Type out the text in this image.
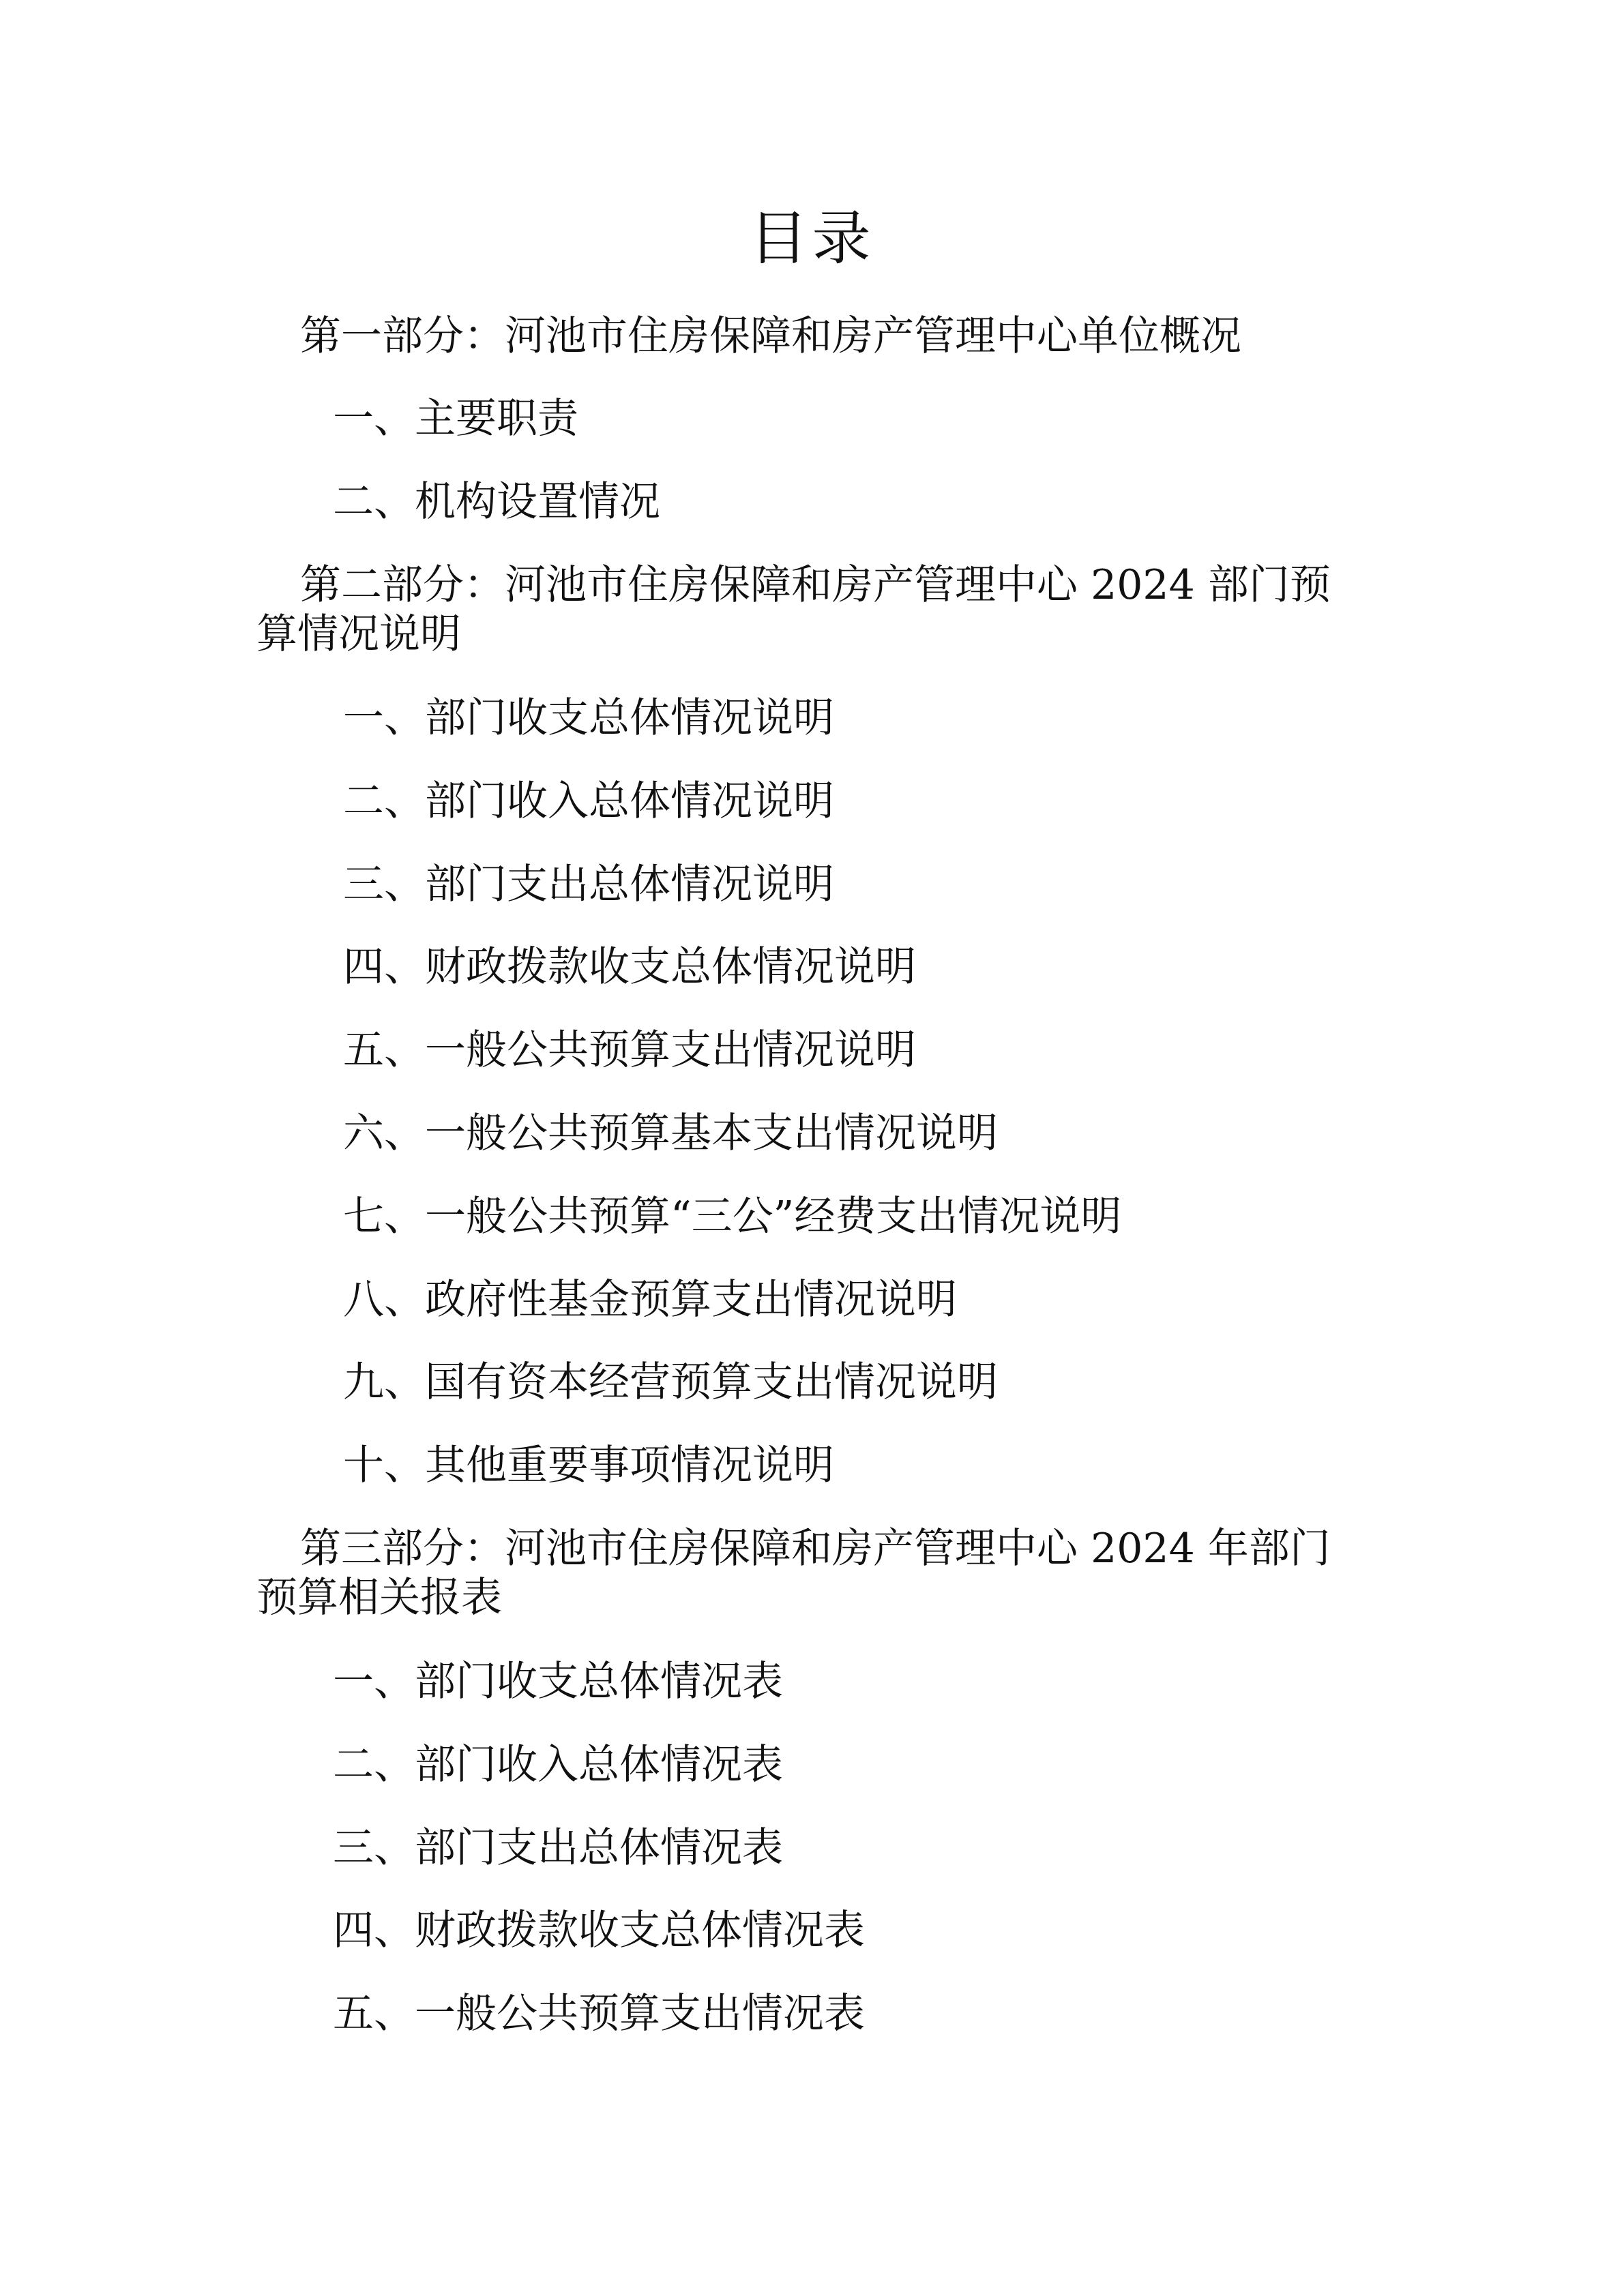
目录
第一部分：河池市住房保障和房产管理中心单位概况
一、主要职责
二、机构设置情况
第二部分：河池市住房保障和房产管理中心 2024 部门预
算情况说明
一、部门收支总体情况说明
二、部门收入总体情况说明
三、部门支出总体情况说明
四、财政拨款收支总体情况说明
五、一般公共预算支出情况说明
六、一般公共预算基本支出情况说明
七、一般公共预算“三公”经费支出情况说明
八、政府性基金预算支出情况说明
九、国有资本经营预算支出情况说明
十、其他重要事项情况说明
第三部分：河池市住房保障和房产管理中心 2024 年部门
预算相关报表
一、部门收支总体情况表
二、部门收入总体情况表
三、部门支出总体情况表
四、财政拨款收支总体情况表
五、一般公共预算支出情况表
